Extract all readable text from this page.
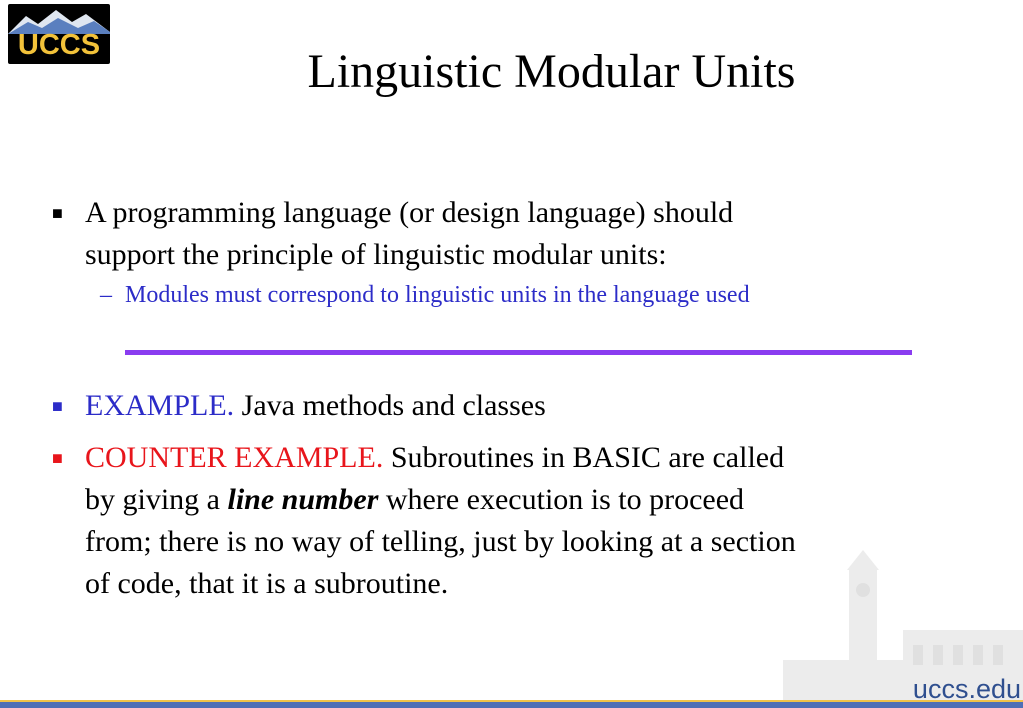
UCCS	Linguistic Modular Units
■ A programming language (or design language) should
support the principle of linguistic modular units:
– Modules must correspond to linguistic units in the language used
■ EXAMPLE. Java methods and classes
■ COUNTER EXAMPLE. Subroutines in BASIC are called
by giving a line number where execution is to proceed
from; there is no way of telling, just by looking at a section
of code, that it is a subroutine.
uccs.edu
